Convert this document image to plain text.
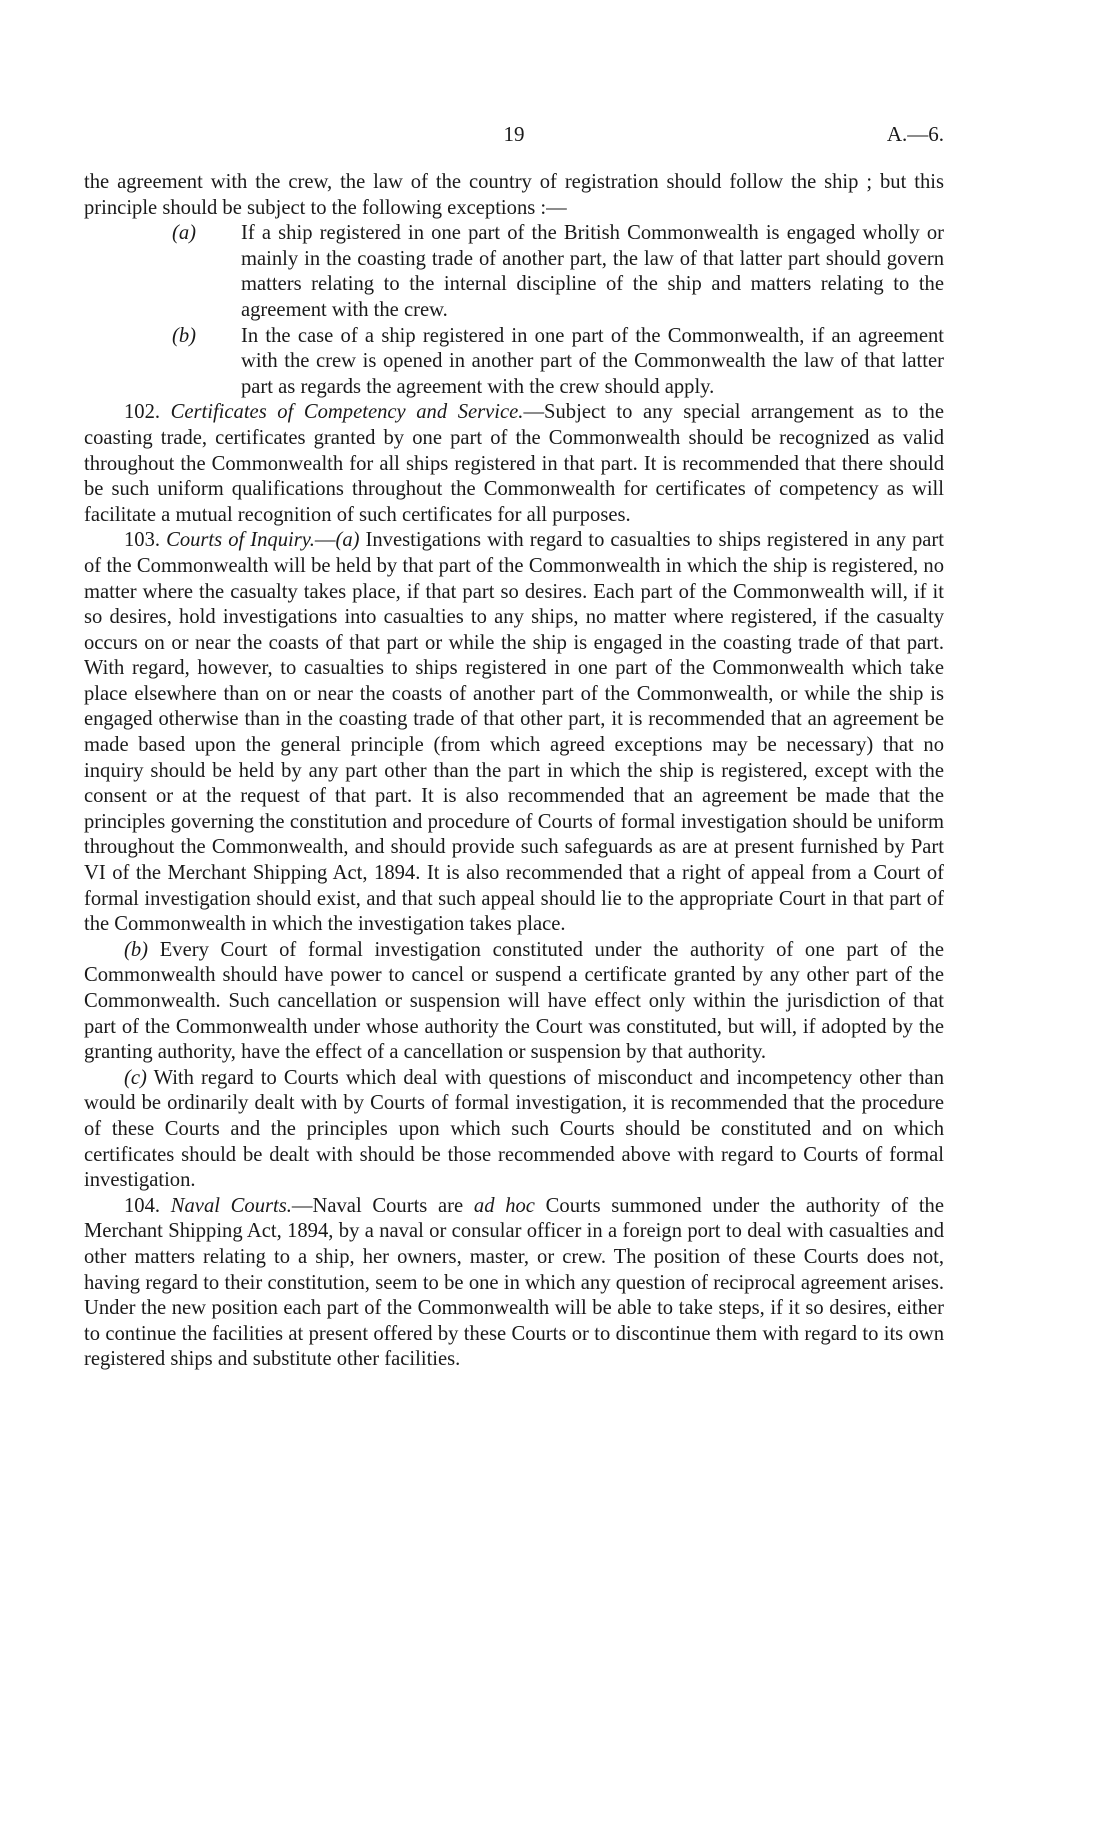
19	A.—6.

the agreement with the crew, the law of the country of registration should follow the ship ; but this principle should be subject to the following exceptions :—

(a) If a ship registered in one part of the British Commonwealth is engaged wholly or mainly in the coasting trade of another part, the law of that latter part should govern matters relating to the internal discipline of the ship and matters relating to the agreement with the crew.

(b) In the case of a ship registered in one part of the Commonwealth, if an agreement with the crew is opened in another part of the Commonwealth the law of that latter part as regards the agreement with the crew should apply.

102. Certificates of Competency and Service.—Subject to any special arrangement as to the coasting trade, certificates granted by one part of the Commonwealth should be recognized as valid throughout the Commonwealth for all ships registered in that part. It is recommended that there should be such uniform qualifications throughout the Commonwealth for certificates of competency as will facilitate a mutual recognition of such certificates for all purposes.

103. Courts of Inquiry.—(a) Investigations with regard to casualties to ships registered in any part of the Commonwealth will be held by that part of the Commonwealth in which the ship is registered, no matter where the casualty takes place, if that part so desires. Each part of the Commonwealth will, if it so desires, hold investigations into casualties to any ships, no matter where registered, if the casualty occurs on or near the coasts of that part or while the ship is engaged in the coasting trade of that part. With regard, however, to casualties to ships registered in one part of the Commonwealth which take place elsewhere than on or near the coasts of another part of the Commonwealth, or while the ship is engaged otherwise than in the coasting trade of that other part, it is recommended that an agreement be made based upon the general principle (from which agreed exceptions may be necessary) that no inquiry should be held by any part other than the part in which the ship is registered, except with the consent or at the request of that part. It is also recommended that an agreement be made that the principles governing the constitution and procedure of Courts of formal investigation should be uniform throughout the Commonwealth, and should provide such safeguards as are at present furnished by Part VI of the Merchant Shipping Act, 1894. It is also recommended that a right of appeal from a Court of formal investigation should exist, and that such appeal should lie to the appropriate Court in that part of the Commonwealth in which the investigation takes place.

(b) Every Court of formal investigation constituted under the authority of one part of the Commonwealth should have power to cancel or suspend a certificate granted by any other part of the Commonwealth. Such cancellation or suspension will have effect only within the jurisdiction of that part of the Commonwealth under whose authority the Court was constituted, but will, if adopted by the granting authority, have the effect of a cancellation or suspension by that authority.

(c) With regard to Courts which deal with questions of misconduct and incompetency other than would be ordinarily dealt with by Courts of formal investigation, it is recommended that the procedure of these Courts and the principles upon which such Courts should be constituted and on which certificates should be dealt with should be those recommended above with regard to Courts of formal investigation.

104. Naval Courts.—Naval Courts are ad hoc Courts summoned under the authority of the Merchant Shipping Act, 1894, by a naval or consular officer in a foreign port to deal with casualties and other matters relating to a ship, her owners, master, or crew. The position of these Courts does not, having regard to their constitution, seem to be one in which any question of reciprocal agreement arises. Under the new position each part of the Commonwealth will be able to take steps, if it so desires, either to continue the facilities at present offered by these Courts or to discontinue them with regard to its own registered ships and substitute other facilities.
